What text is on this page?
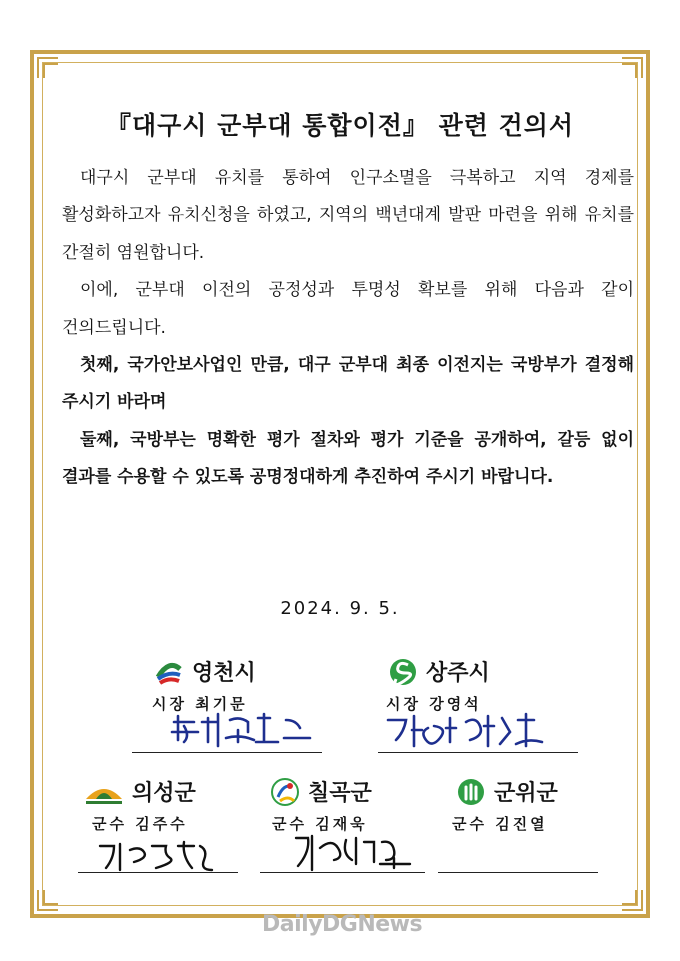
『대구시 군부대 통합이전』 관련 건의서

대구시 군부대 유치를 통하여 인구소멸을 극복하고 지역 경제를 활성화하고자 유치신청을 하였고, 지역의 백년대계 발판 마련을 위해 유치를 간절히 염원합니다.

이에, 군부대 이전의 공정성과 투명성 확보를 위해 다음과 같이 건의드립니다.

첫째, 국가안보사업인 만큼, 대구 군부대 최종 이전지는 국방부가 결정해 주시기 바라며

둘째, 국방부는 명확한 평가 절차와 평가 기준을 공개하여, 갈등 없이 결과를 수용할 수 있도록 공명정대하게 추진하여 주시기 바랍니다.

2024. 9. 5.
영천시
시장 최기문
상주시
시장 강영석
의성군
군수 김주수
칠곡군
군수 김재욱
군위군
군수 김진열
DailyDGNews
